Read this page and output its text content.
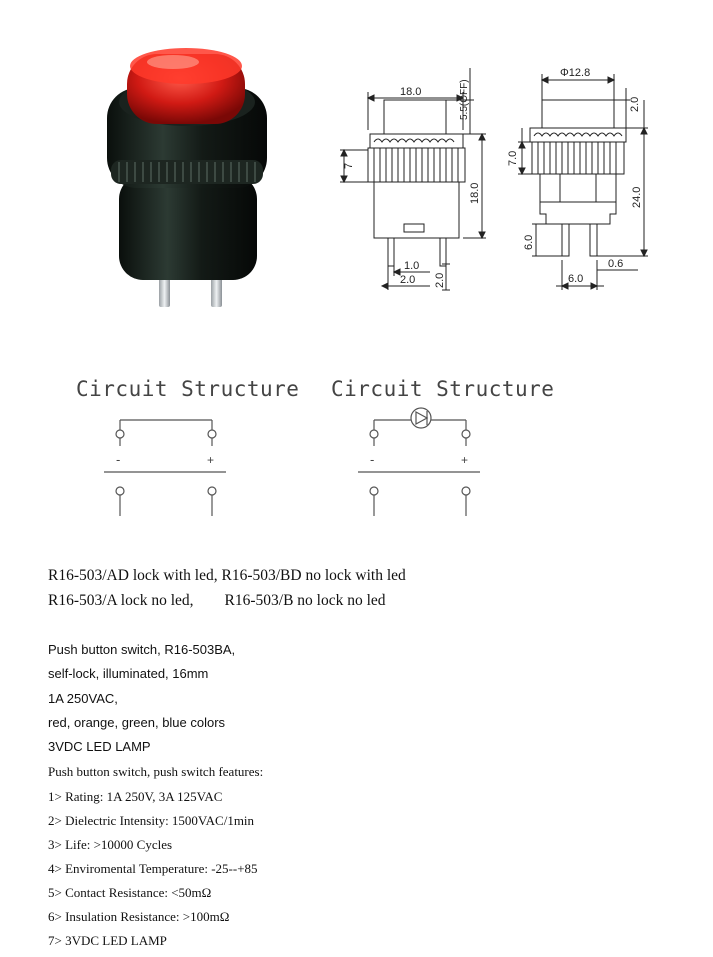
18.0	5.5(OFF)
7
18.0
1.0
2.0 2.0
Φ12.8
2.0
7.0
24.0
6.0
6.0
0.6
Circuit Structure
-	+
Circuit Structure
-	+
R16-503/AD lock with led, R16-503/BD no lock with led
R16-503/A lock no led,        R16-503/B no lock no led
Push button switch, R16-503BA,
self-lock, illuminated, 16mm
1A 250VAC,
red, orange, green, blue colors
3VDC LED LAMP
Push button switch, push switch features:
1> Rating: 1A 250V, 3A 125VAC
2> Dielectric Intensity: 1500VAC/1min
3> Life: >10000 Cycles
4> Enviromental Temperature: -25--+85
5> Contact Resistance: <50mΩ
6> Insulation Resistance: >100mΩ
7> 3VDC LED LAMP
